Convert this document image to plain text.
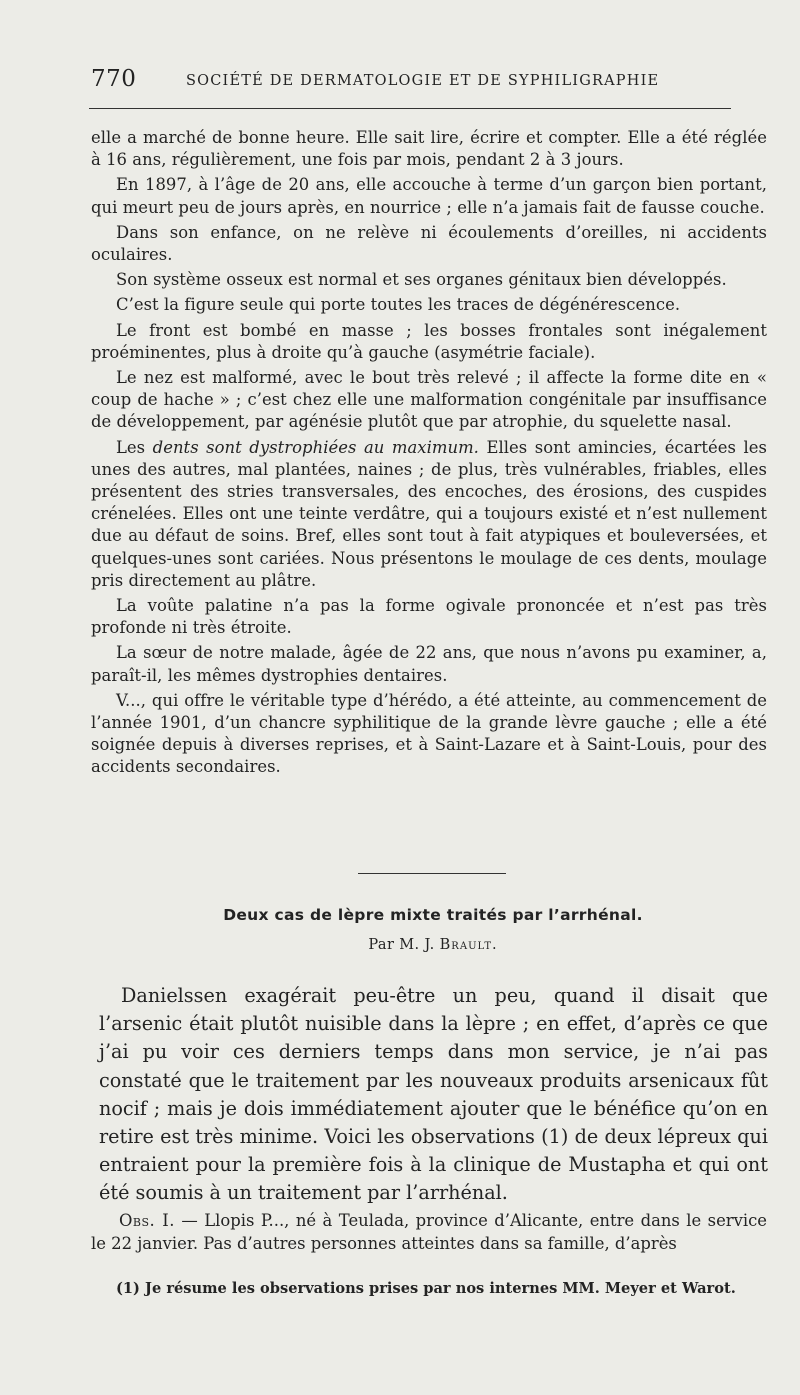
770	SOCIÉTÉ DE DERMATOLOGIE ET DE SYPHILIGRAPHIE

elle a marché de bonne heure. Elle sait lire, écrire et compter. Elle a été réglée à 16 ans, régulièrement, une fois par mois, pendant 2 à 3 jours.

En 1897, à l’âge de 20 ans, elle accouche à terme d’un garçon bien portant, qui meurt peu de jours après, en nourrice ; elle n’a jamais fait de fausse couche.

Dans son enfance, on ne relève ni écoulements d’oreilles, ni accidents oculaires.

Son système osseux est normal et ses organes génitaux bien développés.

C’est la figure seule qui porte toutes les traces de dégénérescence.

Le front est bombé en masse ; les bosses frontales sont inégalement proéminentes, plus à droite qu’à gauche (asymétrie faciale).

Le nez est malformé, avec le bout très relevé ; il affecte la forme dite en « coup de hache » ; c’est chez elle une malformation congénitale par insuffisance de développement, par agénésie plutôt que par atrophie, du squelette nasal.

Les dents sont dystrophiées au maximum. Elles sont amincies, écartées les unes des autres, mal plantées, naines ; de plus, très vulnérables, friables, elles présentent des stries transversales, des encoches, des érosions, des cuspides crénelées. Elles ont une teinte verdâtre, qui a toujours existé et n’est nullement due au défaut de soins. Bref, elles sont tout à fait atypiques et bouleversées, et quelques-unes sont cariées. Nous présentons le moulage de ces dents, moulage pris directement au plâtre.

La voûte palatine n’a pas la forme ogivale prononcée et n’est pas très profonde ni très étroite.

La sœur de notre malade, âgée de 22 ans, que nous n’avons pu examiner, a, paraît-il, les mêmes dystrophies dentaires.

V..., qui offre le véritable type d’hérédo, a été atteinte, au commencement de l’année 1901, d’un chancre syphilitique de la grande lèvre gauche ; elle a été soignée depuis à diverses reprises, et à Saint-Lazare et à Saint-Louis, pour des accidents secondaires.

Deux cas de lèpre mixte traités par l’arrhénal.
Par M. J. Brault.

Danielssen exagérait peu-être un peu, quand il disait que l’arsenic était plutôt nuisible dans la lèpre ; en effet, d’après ce que j’ai pu voir ces derniers temps dans mon service, je n’ai pas constaté que le traitement par les nouveaux produits arsenicaux fût nocif ; mais je dois immédiatement ajouter que le bénéfice qu’on en retire est très minime. Voici les observations (1) de deux lépreux qui entraient pour la première fois à la clinique de Mustapha et qui ont été soumis à un traitement par l’arrhénal.

Obs. I. — Llopis P..., né à Teulada, province d’Alicante, entre dans le service le 22 janvier. Pas d’autres personnes atteintes dans sa famille, d’après

(1) Je résume les observations prises par nos internes MM. Meyer et Warot.
